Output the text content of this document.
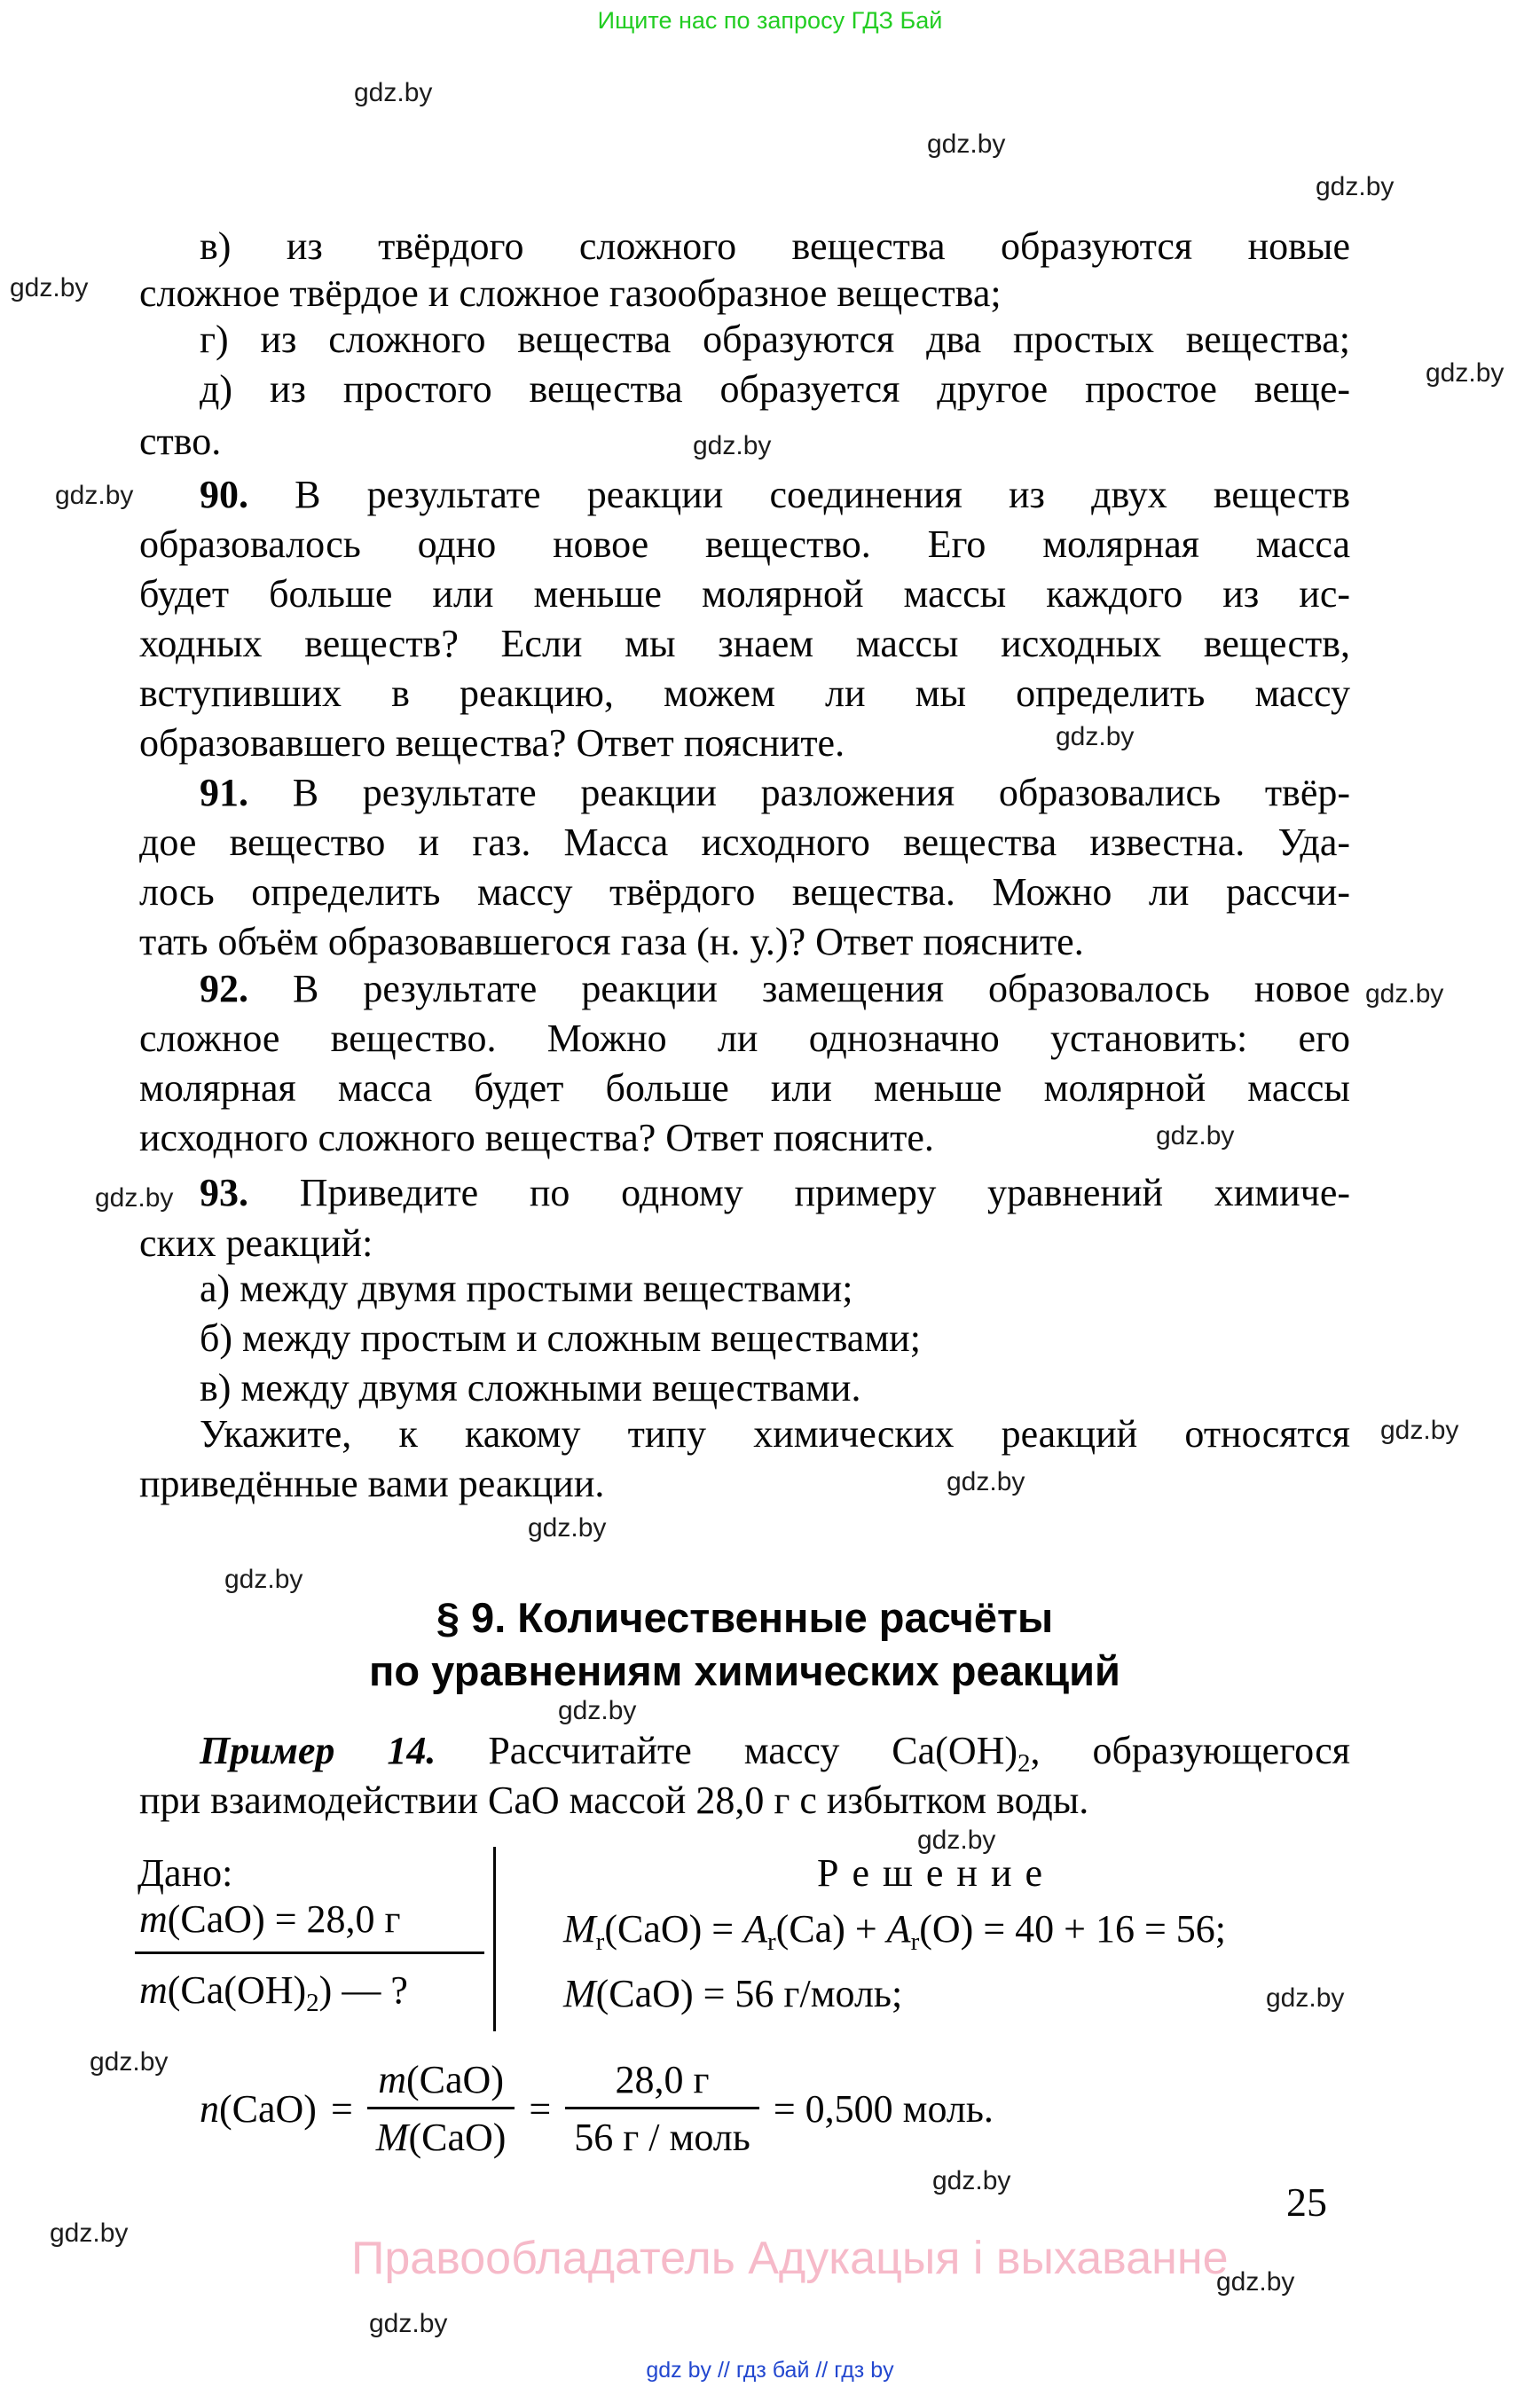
Ищите нас по запросу ГДЗ Бай
gdz.by
gdz.by
gdz.by
gdz.by
gdz.by
gdz.by
gdz.by
gdz.by
gdz.by
gdz.by
gdz.by
gdz.by
gdz.by
gdz.by
gdz.by
gdz.by
gdz.by
gdz.by
gdz.by
gdz.by
gdz.by
gdz.by
gdz.by
в) из твёрдого сложного вещества образуются новые
сложное твёрдое и сложное газообразное вещества;
г) из сложного вещества образуются два простых вещества;
д) из простого вещества образуется другое простое веще-
ство.
90. В результате реакции соединения из двух веществ
образовалось одно новое вещество. Его молярная масса
будет больше или меньше молярной массы каждого из ис-
ходных веществ? Если мы знаем массы исходных веществ,
вступивших в реакцию, можем ли мы определить массу
образовавшего вещества? Ответ поясните.
91. В результате реакции разложения образовались твёр-
дое вещество и газ. Масса исходного вещества известна. Уда-
лось определить массу твёрдого вещества. Можно ли рассчи-
тать объём образовавшегося газа (н. у.)? Ответ поясните.
92. В результате реакции замещения образовалось новое
сложное вещество. Можно ли однозначно установить: его
молярная масса будет больше или меньше молярной массы
исходного сложного вещества? Ответ поясните.
93. Приведите по одному примеру уравнений химиче-
ских реакций:
а) между двумя простыми веществами;
б) между простым и сложным веществами;
в) между двумя сложными веществами.
Укажите, к какому типу химических реакций относятся
приведённые вами реакции.
§ 9. Количественные расчёты
по уравнениям химических реакций
Пример 14. Рассчитайте массу $Ca(OH)_2$, образующегося
при взаимодействии CaO массой 28,0 г с избытком воды.
Дано:
m(CaO) = 28,0 г
$m(Ca(OH)_2)$ — ?
Р е ш е н и е
$M_r(CaO) = A_r(Ca) + A_r(O) = 40 + 16 = 56$;
M(CaO) = 56 г/моль;
$n(CaO) = \frac{\text{m(CaO)}}{\text{M(CaO)}} = \frac{28,0 г}{\text{56 г / моль}} = 0,500$ моль.
25
Правообладатель Адукацыя і выхаванне
gdz by // гдз бай // гдз by
